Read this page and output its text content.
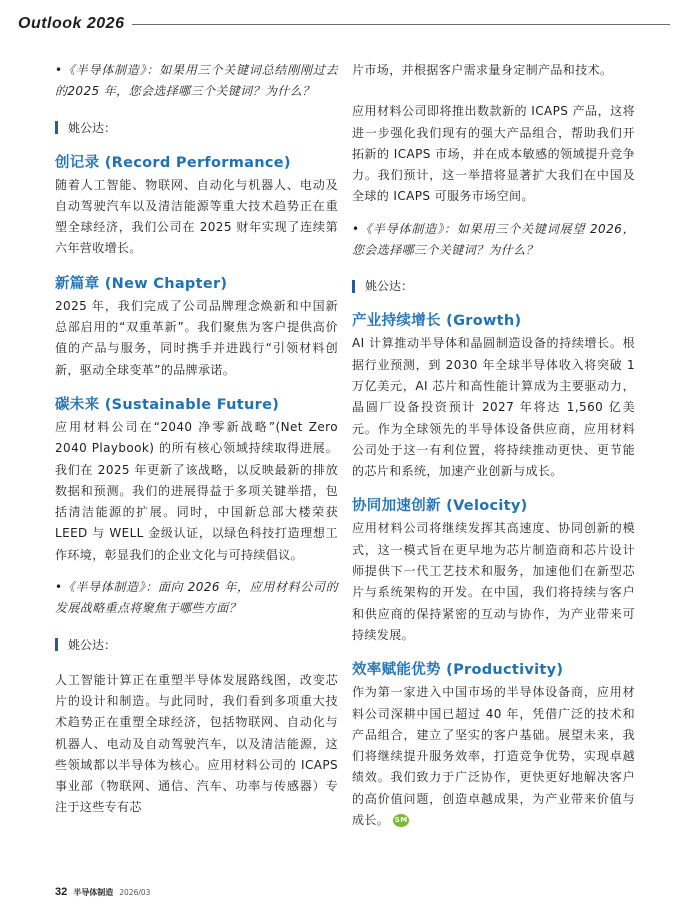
Outlook 2026

•《半导体制造》：如果用三个关键词总结刚刚过去的2025 年，您会选择哪三个关键词？为什么？

姚公达：
创记录 (Record Performance)

随着人工智能、物联网、自动化与机器人、电动及自动驾驶汽车以及清洁能源等重大技术趋势正在重塑全球经济，我们公司在 2025 财年实现了连续第六年营收增长。

新篇章 (New Chapter)

2025 年，我们完成了公司品牌理念焕新和中国新总部启用的“双重革新”。我们聚焦为客户提供高价值的产品与服务，同时携手并进践行“引领材料创新，驱动全球变革”的品牌承诺。

碳未来 (Sustainable Future)

应用材料公司在“2040 净零新战略”(Net Zero 2040 Playbook) 的所有核心领域持续取得进展。我们在 2025 年更新了该战略，以反映最新的排放数据和预测。我们的进展得益于多项关键举措，包括清洁能源的扩展。同时，中国新总部大楼荣获 LEED 与 WELL 金级认证，以绿色科技打造理想工作环境，彰显我们的企业文化与可持续倡议。

•《半导体制造》：面向 2026 年，应用材料公司的发展战略重点将聚焦于哪些方面？

姚公达：

人工智能计算正在重塑半导体发展路线图，改变芯片的设计和制造。与此同时，我们看到多项重大技术趋势正在重塑全球经济，包括物联网、自动化与机器人、电动及自动驾驶汽车，以及清洁能源，这些领域都以半导体为核心。应用材料公司的 ICAPS 事业部（物联网、通信、汽车、功率与传感器）专注于这些专有芯

片市场，并根据客户需求量身定制产品和技术。

应用材料公司即将推出数款新的 ICAPS 产品，这将进一步强化我们现有的强大产品组合，帮助我们开拓新的 ICAPS 市场，并在成本敏感的领域提升竞争力。我们预计，这一举措将显著扩大我们在中国及全球的 ICAPS 可服务市场空间。

•《半导体制造》：如果用三个关键词展望 2026，您会选择哪三个关键词？为什么？

姚公达：
产业持续增长 (Growth)

AI 计算推动半导体和晶圆制造设备的持续增长。根据行业预测，到 2030 年全球半导体收入将突破 1 万亿美元，AI 芯片和高性能计算成为主要驱动力，晶圆厂设备投资预计 2027 年将达 1,560 亿美元。作为全球领先的半导体设备供应商，应用材料公司处于这一有利位置，将持续推动更快、更节能的芯片和系统，加速产业创新与成长。

协同加速创新 (Velocity)

应用材料公司将继续发挥其高速度、协同创新的模式，这一模式旨在更早地为芯片制造商和芯片设计师提供下一代工艺技术和服务，加速他们在新型芯片与系统架构的开发。在中国，我们将持续与客户和供应商的保持紧密的互动与协作，为产业带来可持续发展。

效率赋能优势 (Productivity)

作为第一家进入中国市场的半导体设备商，应用材料公司深耕中国已超过 40 年，凭借广泛的技术和产品组合，建立了坚实的客户基础。展望未来，我们将继续提升服务效率，打造竞争优势，实现卓越绩效。我们致力于广泛协作，更快更好地解决客户的高价值问题，创造卓越成果，为产业带来价值与成长。 SM

32 半导体制造 2026/03
